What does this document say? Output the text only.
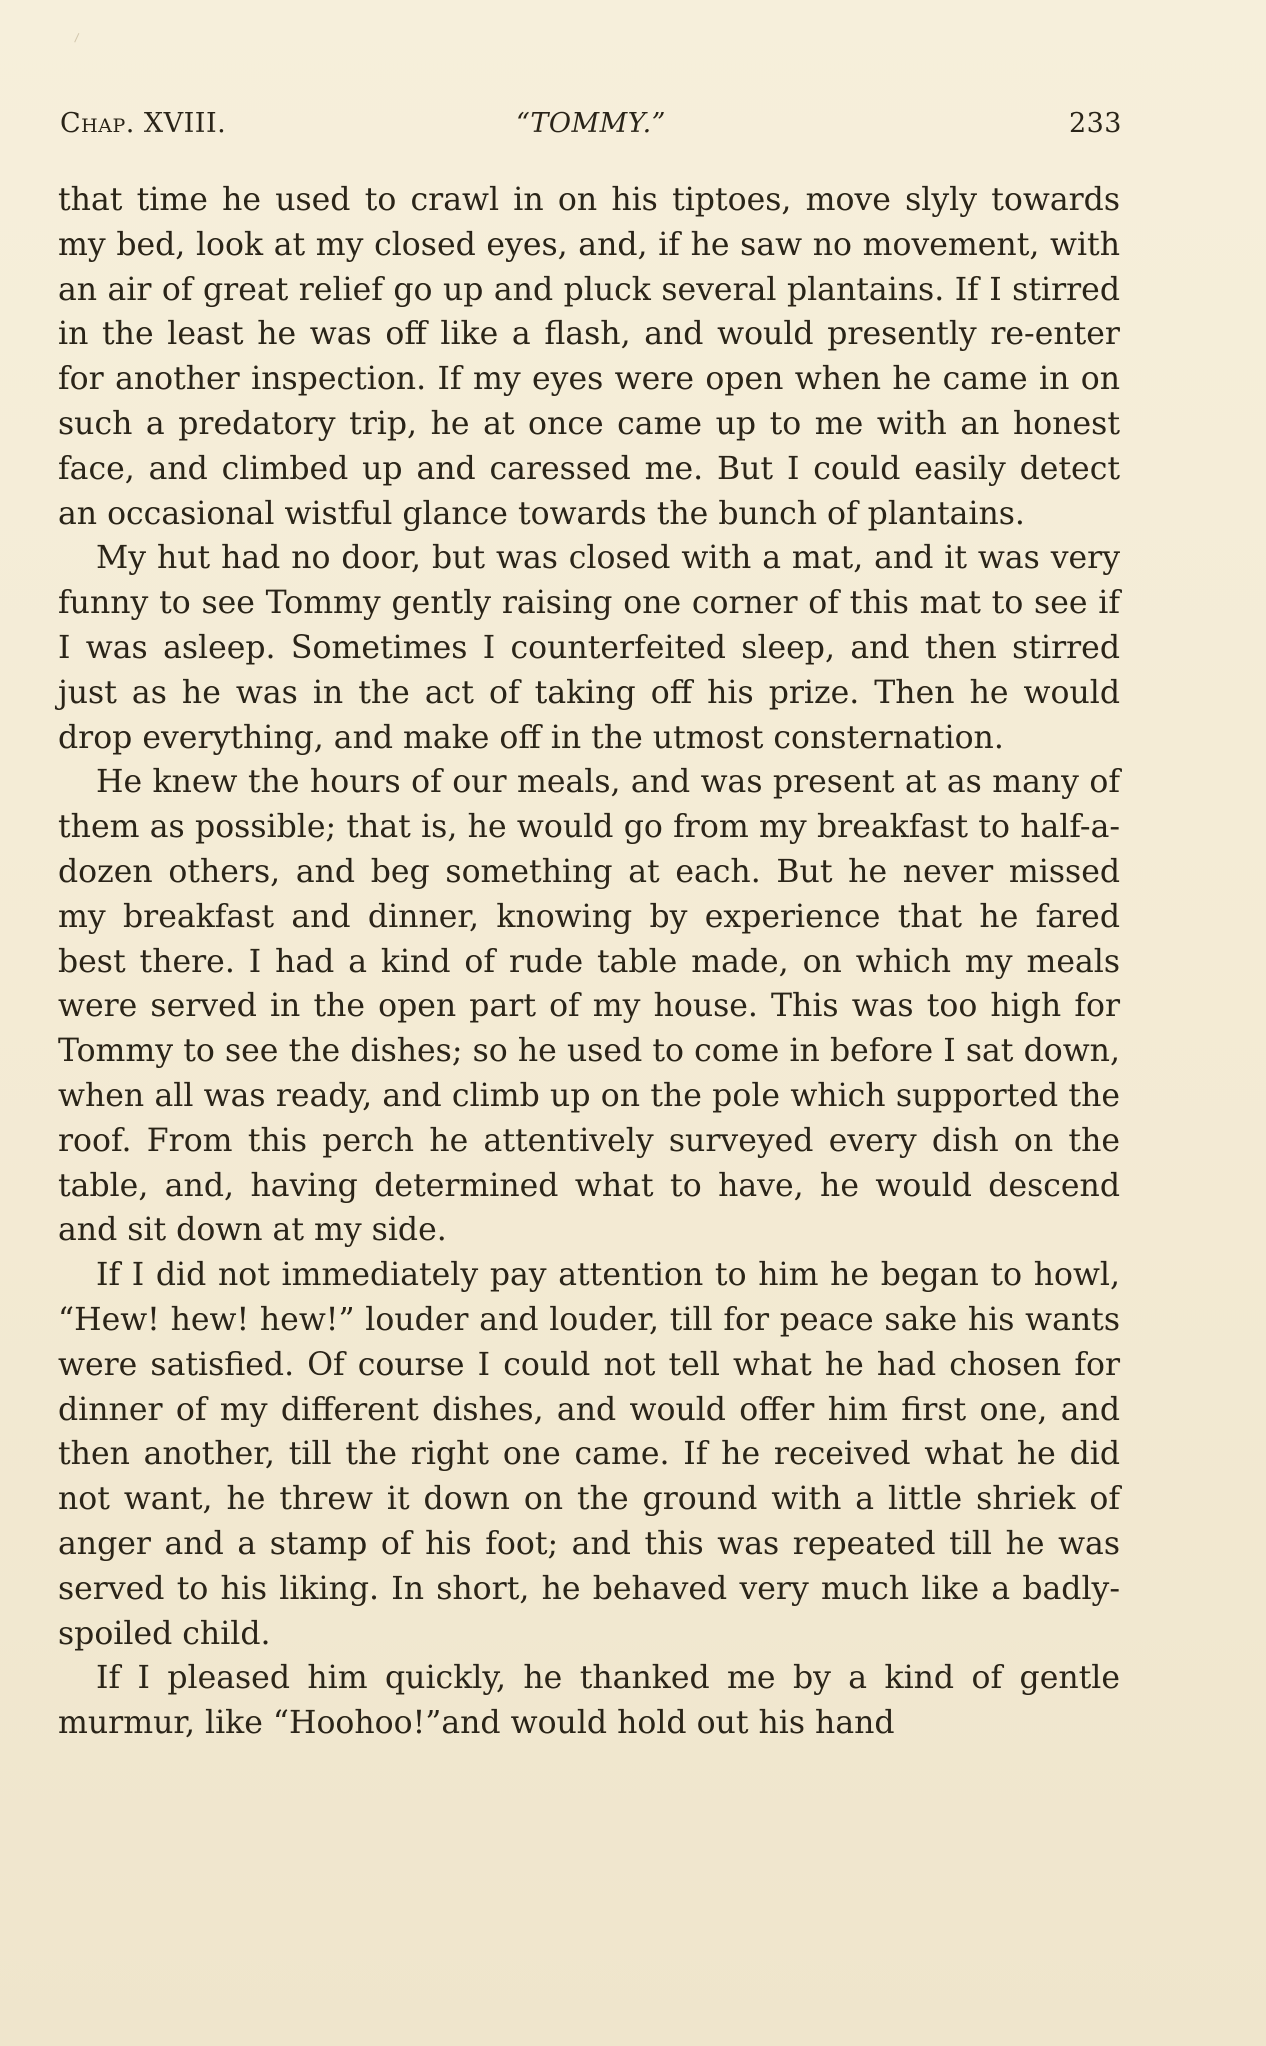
Chap. XVIII.	“TOMMY.”	233

that time he used to crawl in on his tiptoes, move slyly towards my bed, look at my closed eyes, and, if he saw no movement, with an air of great relief go up and pluck several plantains. If I stirred in the least he was off like a flash, and would presently re-enter for another inspection. If my eyes were open when he came in on such a predatory trip, he at once came up to me with an honest face, and climbed up and caressed me. But I could easily detect an occasional wistful glance towards the bunch of plantains.

My hut had no door, but was closed with a mat, and it was very funny to see Tommy gently raising one corner of this mat to see if I was asleep. Sometimes I counterfeited sleep, and then stirred just as he was in the act of taking off his prize. Then he would drop everything, and make off in the utmost consternation.

He knew the hours of our meals, and was present at as many of them as possible; that is, he would go from my breakfast to half-a-dozen others, and beg something at each. But he never missed my breakfast and dinner, knowing by experience that he fared best there. I had a kind of rude table made, on which my meals were served in the open part of my house. This was too high for Tommy to see the dishes; so he used to come in before I sat down, when all was ready, and climb up on the pole which supported the roof. From this perch he attentively surveyed every dish on the table, and, having determined what to have, he would descend and sit down at my side.

If I did not immediately pay attention to him he began to howl, “Hew! hew! hew!” louder and louder, till for peace sake his wants were satisfied. Of course I could not tell what he had chosen for dinner of my different dishes, and would offer him first one, and then another, till the right one came. If he received what he did not want, he threw it down on the ground with a little shriek of anger and a stamp of his foot; and this was repeated till he was served to his liking. In short, he behaved very much like a badly-spoiled child.

If I pleased him quickly, he thanked me by a kind of gentle murmur, like “Hoohoo!”and would hold out his hand
